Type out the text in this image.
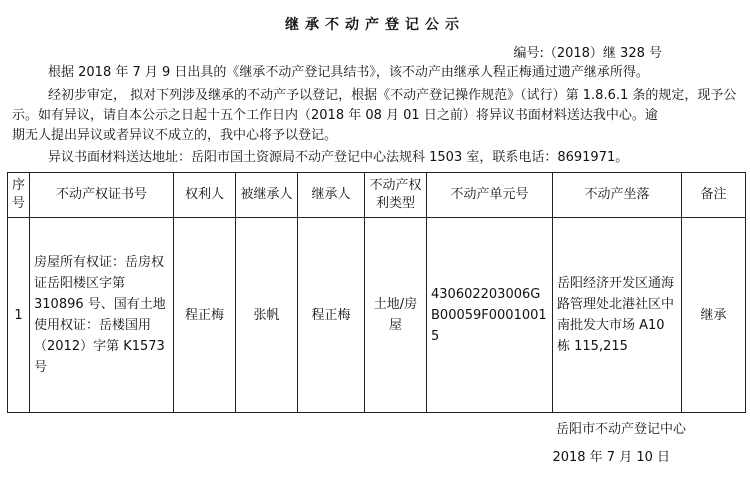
继承不动产登记公示
编号:（2018）继 328 号

根据 2018 年 7 月 9 日出具的《继承不动产登记具结书》，该不动产由继承人程正梅通过遗产继承所得。

经初步审定， 拟对下列涉及继承的不动产予以登记，根据《不动产登记操作规范》（试行）第 1.8.6.1 条的规定，现予公示。如有异议，请自本公示之日起十五个工作日内（2018 年 08 月 01 日之前）将异议书面材料送达我中心。逾

期无人提出异议或者异议不成立的，我中心将予以登记。

异议书面材料送达地址：岳阳市国土资源局不动产登记中心法规科 1503 室，联系电话：8691971。

序号	不动产权证书号	权利人	被继承人	继承人	不动产权利类型	不动产单元号	不动产坐落	备注
1	房屋所有权证：岳房权证岳阳楼区字第 310896 号、国有土地使用权证：岳楼国用（2012）字第 K1573 号	程正梅	张帆	程正梅	土地/房屋	430602203006GB00059F00010015	岳阳经济开发区通海路管理处北港社区中南批发大市场 A10 栋 115,215	继承
岳阳市不动产登记中心
2018 年 7 月 10 日
